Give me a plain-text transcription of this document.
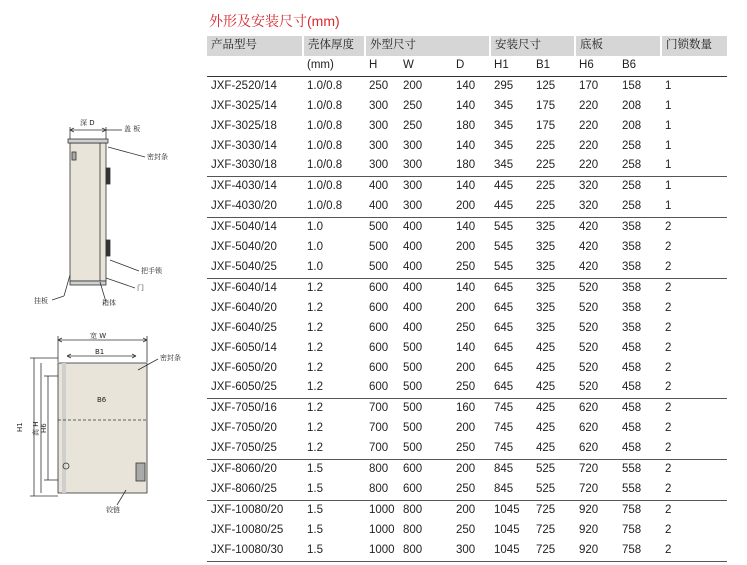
外形及安装尺寸(mm)
深 D
盖 板
密封条
把手锁
门
挂板	箱体
宽 W
B1
密封条
B6
H1 高 H H6
铰链
产品型号	壳体厚度	外型尺寸			安装尺寸		底板		门锁数量
	(mm)	H	W	D	H1	B1	H6	B6	
JXF-2520/14	1.0/0.8	250	200	140	295	125	170	158	1
JXF-3025/14	1.0/0.8	300	250	140	345	175	220	208	1
JXF-3025/18	1.0/0.8	300	250	180	345	175	220	208	1
JXF-3030/14	1.0/0.8	300	300	140	345	225	220	258	1
JXF-3030/18	1.0/0.8	300	300	180	345	225	220	258	1
JXF-4030/14	1.0/0.8	400	300	140	445	225	320	258	1
JXF-4030/20	1.0/0.8	400	300	200	445	225	320	258	1
JXF-5040/14	1.0	500	400	140	545	325	420	358	2
JXF-5040/20	1.0	500	400	200	545	325	420	358	2
JXF-5040/25	1.0	500	400	250	545	325	420	358	2
JXF-6040/14	1.2	600	400	140	645	325	520	358	2
JXF-6040/20	1.2	600	400	200	645	325	520	358	2
JXF-6040/25	1.2	600	400	250	645	325	520	358	2
JXF-6050/14	1.2	600	500	140	645	425	520	458	2
JXF-6050/20	1.2	600	500	200	645	425	520	458	2
JXF-6050/25	1.2	600	500	250	645	425	520	458	2
JXF-7050/16	1.2	700	500	160	745	425	620	458	2
JXF-7050/20	1.2	700	500	200	745	425	620	458	2
JXF-7050/25	1.2	700	500	250	745	425	620	458	2
JXF-8060/20	1.5	800	600	200	845	525	720	558	2
JXF-8060/25	1.5	800	600	250	845	525	720	558	2
JXF-10080/20	1.5	1000	800	200	1045	725	920	758	2
JXF-10080/25	1.5	1000	800	250	1045	725	920	758	2
JXF-10080/30	1.5	1000	800	300	1045	725	920	758	2
